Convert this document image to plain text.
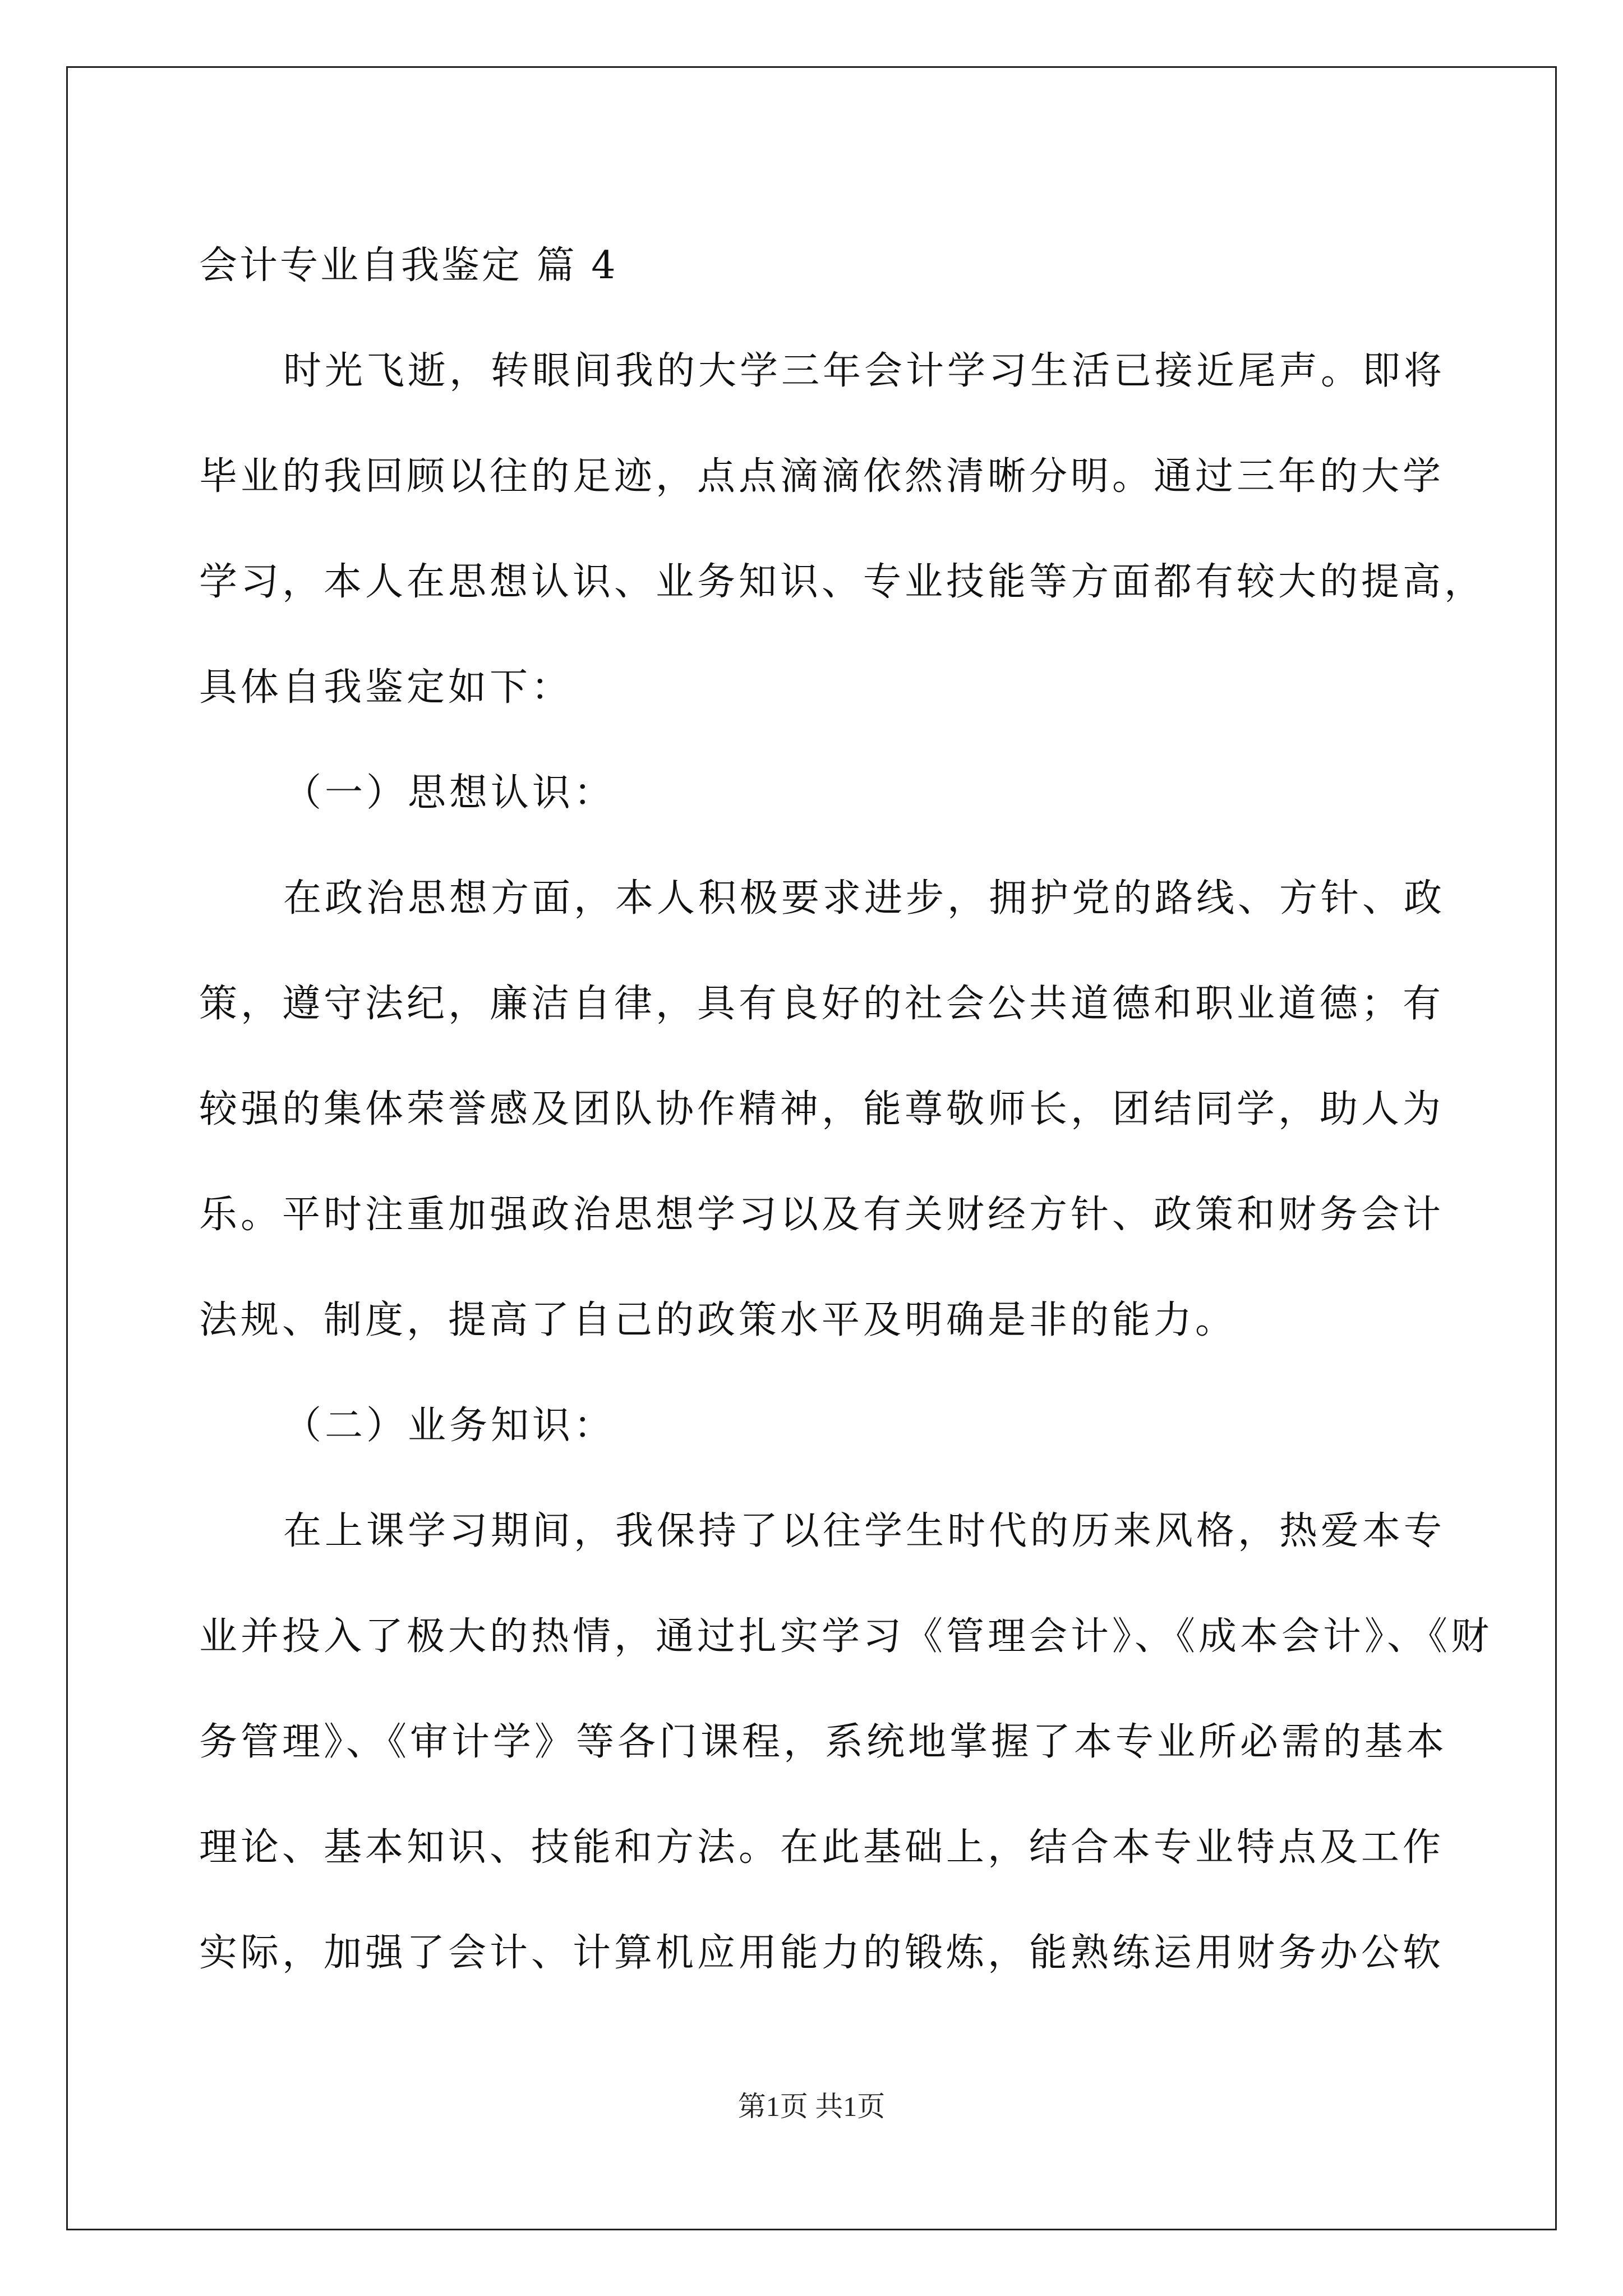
会计专业自我鉴定 篇 4
时光飞逝，转眼间我的大学三年会计学习生活已接近尾声。即将
毕业的我回顾以往的足迹，点点滴滴依然清晰分明。通过三年的大学
学习，本人在思想认识、业务知识、专业技能等方面都有较大的提高，
具体自我鉴定如下：
（一）思想认识：
在政治思想方面，本人积极要求进步，拥护党的路线、方针、政
策，遵守法纪，廉洁自律，具有良好的社会公共道德和职业道德；有
较强的集体荣誉感及团队协作精神，能尊敬师长，团结同学，助人为
乐。平时注重加强政治思想学习以及有关财经方针、政策和财务会计
法规、制度，提高了自己的政策水平及明确是非的能力。
（二）业务知识：
在上课学习期间，我保持了以往学生时代的历来风格，热爱本专
业并投入了极大的热情，通过扎实学习《管理会计》、《成本会计》、《财
务管理》、《审计学》等各门课程，系统地掌握了本专业所必需的基本
理论、基本知识、技能和方法。在此基础上，结合本专业特点及工作
实际，加强了会计、计算机应用能力的锻炼，能熟练运用财务办公软
第1页 共1页
